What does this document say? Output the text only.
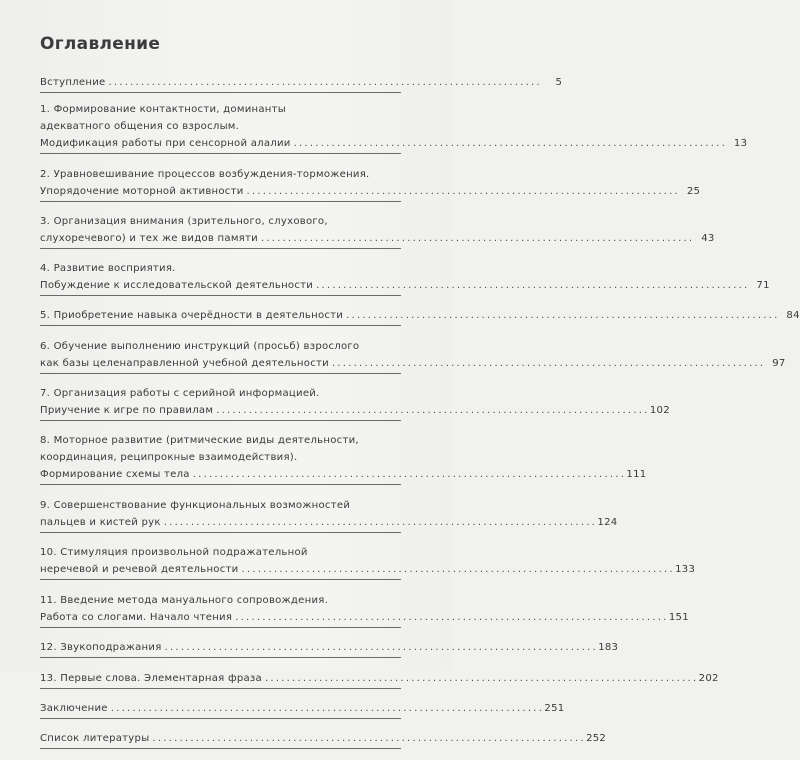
Оглавление
Вступление . . .	5
1. Формирование контактности, доминанты
адекватного общения со взрослым.
Модификация работы при сенсорной алалии . . .	13
2. Уравновешивание процессов возбуждения-торможения.
Упорядочение моторной активности . . .	25
3. Организация внимания (зрительного, слухового,
слухоречевого) и тех же видов памяти . . .	43
4. Развитие восприятия.
Побуждение к исследовательской деятельности . . .	71
5. Приобретение навыка очерёдности в деятельности . . .	84
6. Обучение выполнению инструкций (просьб) взрослого
как базы целенаправленной учебной деятельности . . .	97
7. Организация работы с серийной информацией.
Приучение к игре по правилам . . .	102
8. Моторное развитие (ритмические виды деятельности,
координация, реципрокные взаимодействия).
Формирование схемы тела . . .	111
9. Совершенствование функциональных возможностей
пальцев и кистей рук . . .	124
10. Стимуляция произвольной подражательной
неречевой и речевой деятельности . . .	133
11. Введение метода мануального сопровождения.
Работа со слогами. Начало чтения . . .	151
12. Звукоподражания . . .	183
13. Первые слова. Элементарная фраза . . .	202
Заключение . . .	251
Список литературы . . .	252
